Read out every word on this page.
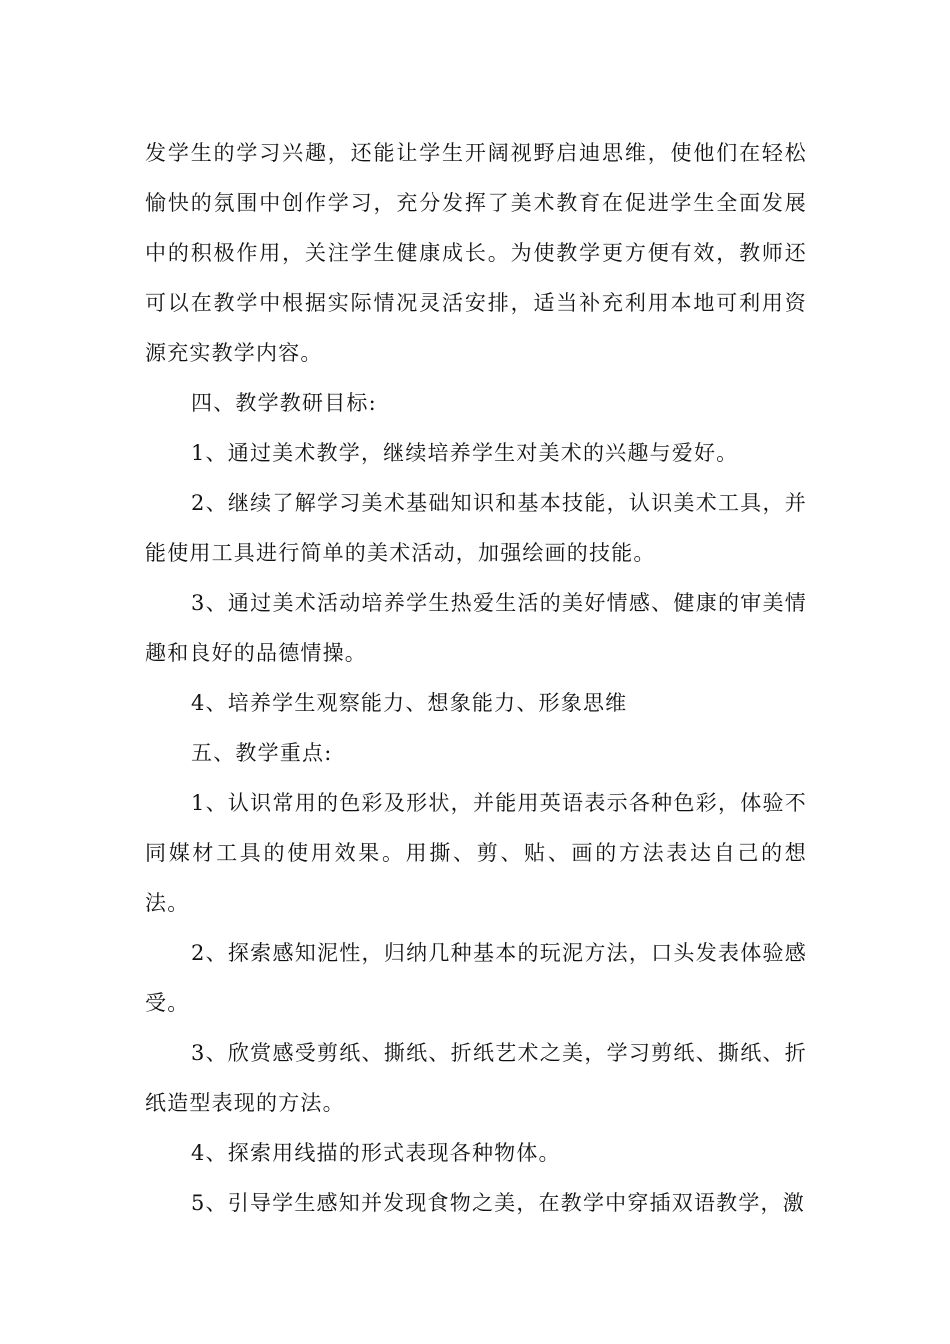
发学生的学习兴趣，还能让学生开阔视野启迪思维，使他们在轻松愉快的氛围中创作学习，充分发挥了美术教育在促进学生全面发展中的积极作用，关注学生健康成长。为使教学更方便有效，教师还可以在教学中根据实际情况灵活安排，适当补充利用本地可利用资源充实教学内容。

四、教学教研目标:

1、通过美术教学，继续培养学生对美术的兴趣与爱好。

2、继续了解学习美术基础知识和基本技能，认识美术工具，并能使用工具进行简单的美术活动，加强绘画的技能。

3、通过美术活动培养学生热爱生活的美好情感、健康的审美情趣和良好的品德情操。

4、培养学生观察能力、想象能力、形象思维

五、教学重点:

1、认识常用的色彩及形状，并能用英语表示各种色彩，体验不同媒材工具的使用效果。用撕、剪、贴、画的方法表达自己的想法。

2、探索感知泥性，归纳几种基本的玩泥方法，口头发表体验感受。

3、欣赏感受剪纸、撕纸、折纸艺术之美，学习剪纸、撕纸、折纸造型表现的方法。

4、探索用线描的形式表现各种物体。

5、引导学生感知并发现食物之美，在教学中穿插双语教学，激
